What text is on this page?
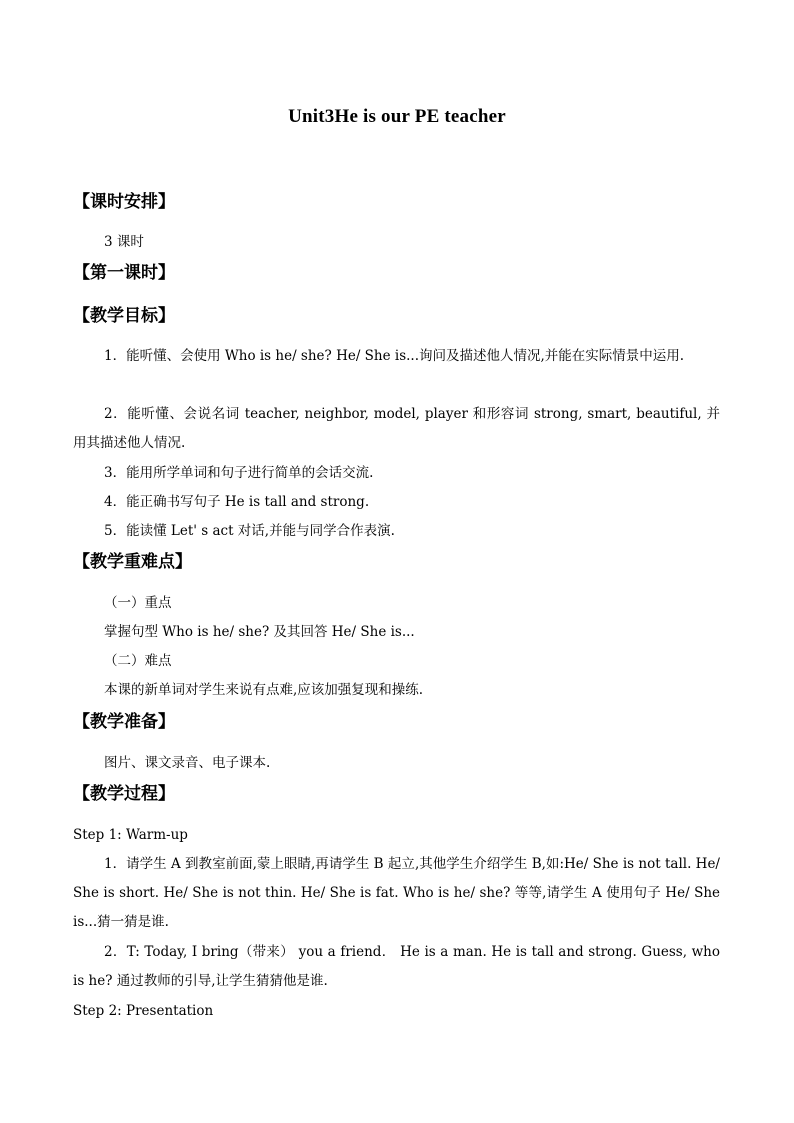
Unit3He is our PE teacher
【课时安排】
3 课时
【第一课时】
【教学目标】
1．能听懂、会使用 Who is he/ she? He/ She is...询问及描述他人情况,并能在实际情景中运用.
2．能听懂、会说名词 teacher, neighbor, model, player 和形容词 strong, smart, beautiful, 并用其描述他人情况.
3．能用所学单词和句子进行简单的会话交流.
4．能正确书写句子 He is tall and strong.
5．能读懂 Let' s act 对话,并能与同学合作表演.
【教学重难点】
（一）重点
掌握句型 Who is he/ she? 及其回答 He/ She is...
（二）难点
本课的新单词对学生来说有点难,应该加强复现和操练.
【教学准备】
图片、课文录音、电子课本.
【教学过程】
Step 1: Warm-up
1．请学生 A 到教室前面,蒙上眼睛,再请学生 B 起立,其他学生介绍学生 B,如:He/ She is not tall. He/ She is short. He/ She is not thin. He/ She is fat. Who is he/ she? 等等,请学生 A 使用句子 He/ She is...猜一猜是谁.
2．T: Today, I bring（带来） you a friend． He is a man. He is tall and strong. Guess, who is he? 通过教师的引导,让学生猜猜他是谁.
Step 2: Presentation
